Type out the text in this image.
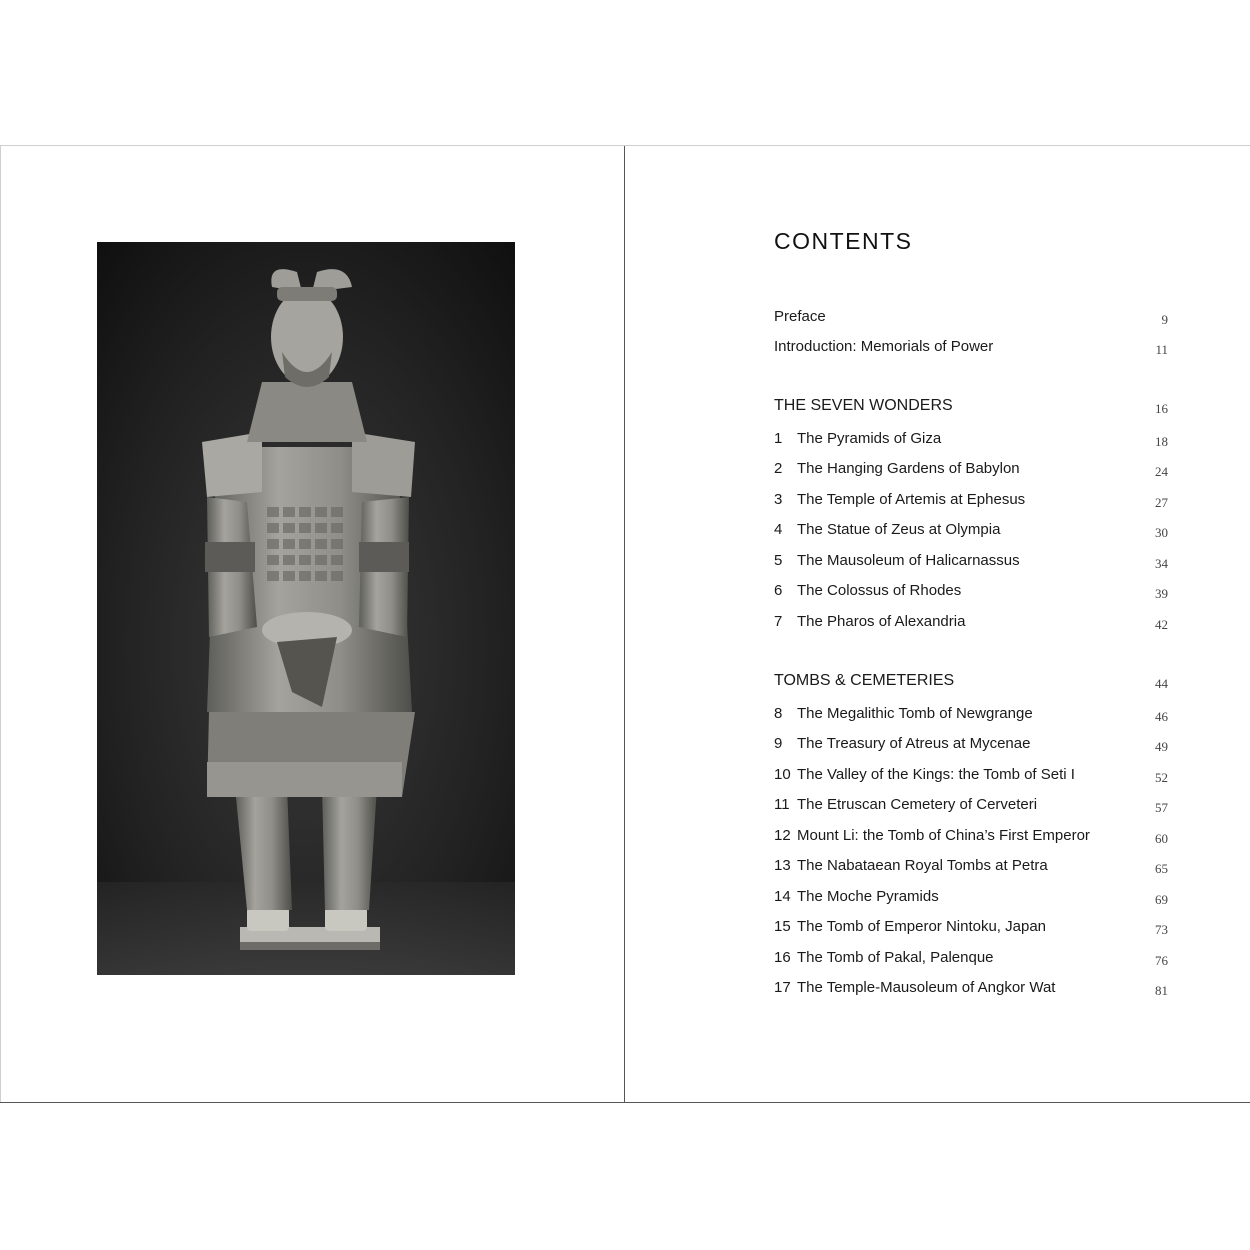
CONTENTS
Preface	9
Introduction: Memorials of Power	11
THE SEVEN WONDERS	16
1 The Pyramids of Giza	18
2 The Hanging Gardens of Babylon	24
3 The Temple of Artemis at Ephesus	27
4 The Statue of Zeus at Olympia	30
5 The Mausoleum of Halicarnassus	34
6 The Colossus of Rhodes	39
7 The Pharos of Alexandria	42
TOMBS & CEMETERIES	44
8 The Megalithic Tomb of Newgrange	46
9 The Treasury of Atreus at Mycenae	49
10 The Valley of the Kings: the Tomb of Seti I	52
11 The Etruscan Cemetery of Cerveteri	57
12 Mount Li: the Tomb of China’s First Emperor	60
13 The Nabataean Royal Tombs at Petra	65
14 The Moche Pyramids	69
15 The Tomb of Emperor Nintoku, Japan	73
16 The Tomb of Pakal, Palenque	76
17 The Temple-Mausoleum of Angkor Wat	81
